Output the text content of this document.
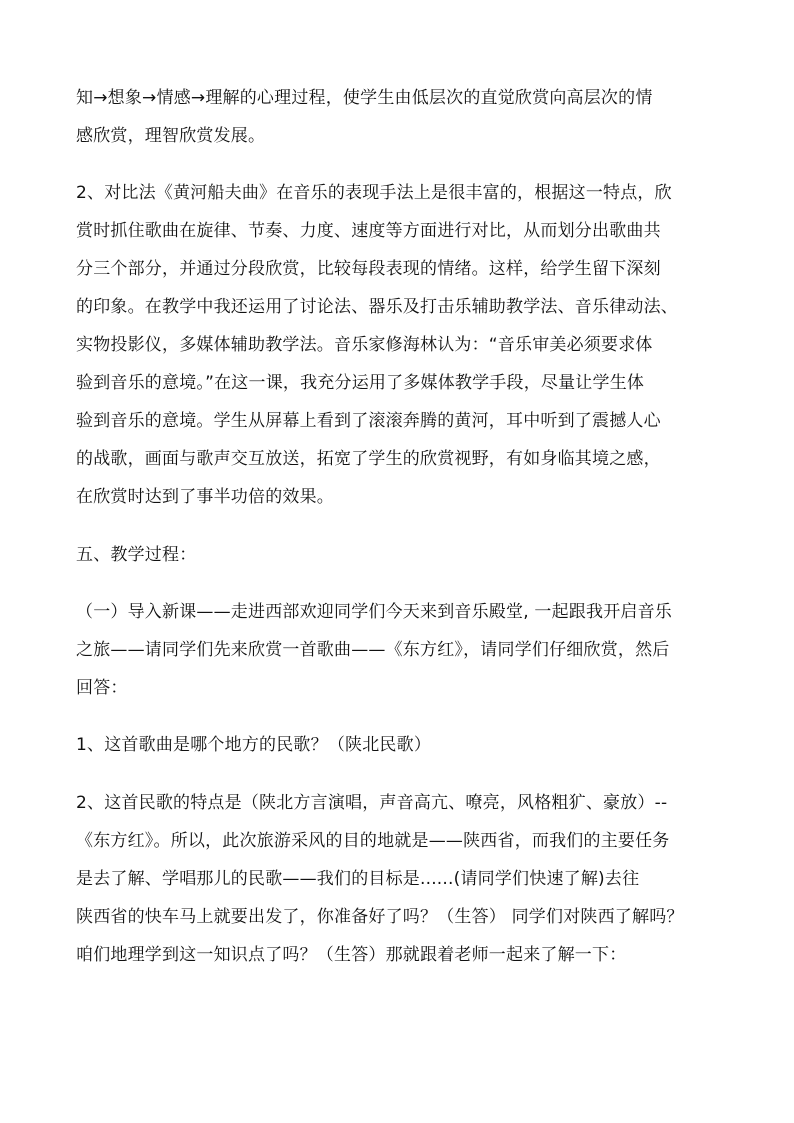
知→想象→情感→理解的心理过程，使学生由低层次的直觉欣赏向高层次的情
感欣赏，理智欣赏发展。
2、对比法《黄河船夫曲》在音乐的表现手法上是很丰富的，根据这一特点，欣
赏时抓住歌曲在旋律、节奏、力度、速度等方面进行对比，从而划分出歌曲共
分三个部分，并通过分段欣赏，比较每段表现的情绪。这样，给学生留下深刻
的印象。在教学中我还运用了讨论法、器乐及打击乐辅助教学法、音乐律动法、
实物投影仪，多媒体辅助教学法。音乐家修海林认为：“音乐审美必须要求体
验到音乐的意境。”在这一课，我充分运用了多媒体教学手段，尽量让学生体
验到音乐的意境。学生从屏幕上看到了滚滚奔腾的黄河，耳中听到了震撼人心
的战歌，画面与歌声交互放送，拓宽了学生的欣赏视野，有如身临其境之感，
在欣赏时达到了事半功倍的效果。
五、教学过程：
（一）导入新课——走进西部欢迎同学们今天来到音乐殿堂, 一起跟我开启音乐
之旅——请同学们先来欣赏一首歌曲——《东方红》，请同学们仔细欣赏，然后
回答：
1、这首歌曲是哪个地方的民歌？（陕北民歌）
2、这首民歌的特点是（陕北方言演唱，声音高亢、嘹亮，风格粗犷、豪放）--
《东方红》。所以，此次旅游采风的目的地就是——陕西省，而我们的主要任务
是去了解、学唱那儿的民歌——我们的目标是......(请同学们快速了解)去往
陕西省的快车马上就要出发了，你准备好了吗？（生答） 同学们对陕西了解吗？
咱们地理学到这一知识点了吗？（生答）那就跟着老师一起来了解一下：
